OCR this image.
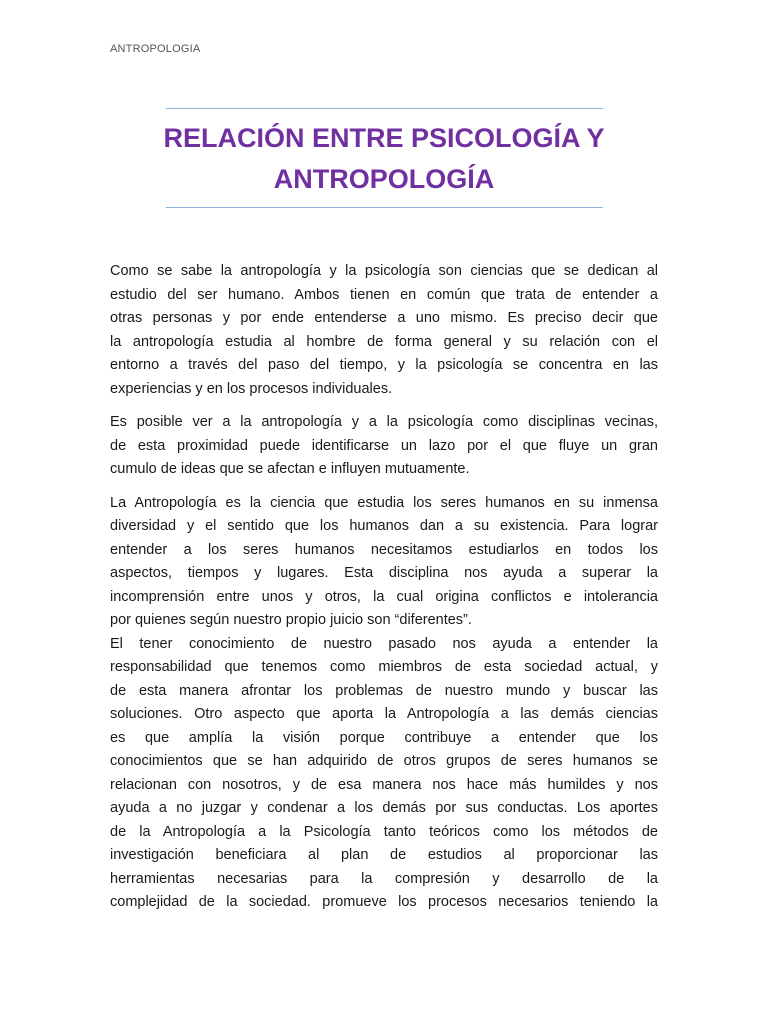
ANTROPOLOGIA
RELACIÓN ENTRE PSICOLOGÍA Y
ANTROPOLOGÍA
Como se sabe la antropología y la psicología son ciencias que se dedican al
estudio del ser humano. Ambos tienen en común que trata de entender a
otras personas y por ende entenderse a uno mismo. Es preciso decir que
la antropología estudia al hombre de forma general y su relación con el
entorno a través del paso del tiempo, y la psicología se concentra en las
experiencias y en los procesos individuales.
Es posible ver a la antropología y a la psicología como disciplinas vecinas,
de esta proximidad puede identificarse un lazo por el que fluye un gran
cumulo de ideas que se afectan e influyen mutuamente.
La Antropología es la ciencia que estudia los seres humanos en su inmensa
diversidad y el sentido que los humanos dan a su existencia. Para lograr
entender a los seres humanos necesitamos estudiarlos en todos los
aspectos, tiempos y lugares. Esta disciplina nos ayuda a superar la
incomprensión entre unos y otros, la cual origina conflictos e intolerancia
por quienes según nuestro propio juicio son “diferentes”.
El tener conocimiento de nuestro pasado nos ayuda a entender la
responsabilidad que tenemos como miembros de esta sociedad actual, y
de esta manera afrontar los problemas de nuestro mundo y buscar las
soluciones. Otro aspecto que aporta la Antropología a las demás ciencias
es que amplía la visión porque contribuye a entender que los
conocimientos que se han adquirido de otros grupos de seres humanos se
relacionan con nosotros, y de esa manera nos hace más humildes y nos
ayuda a no juzgar y condenar a los demás por sus conductas. Los aportes
de la Antropología a la Psicología tanto teóricos como los métodos de
investigación beneficiara al plan de estudios al proporcionar las
herramientas necesarias para la compresión y desarrollo de la
complejidad de la sociedad. promueve los procesos necesarios teniendo la
